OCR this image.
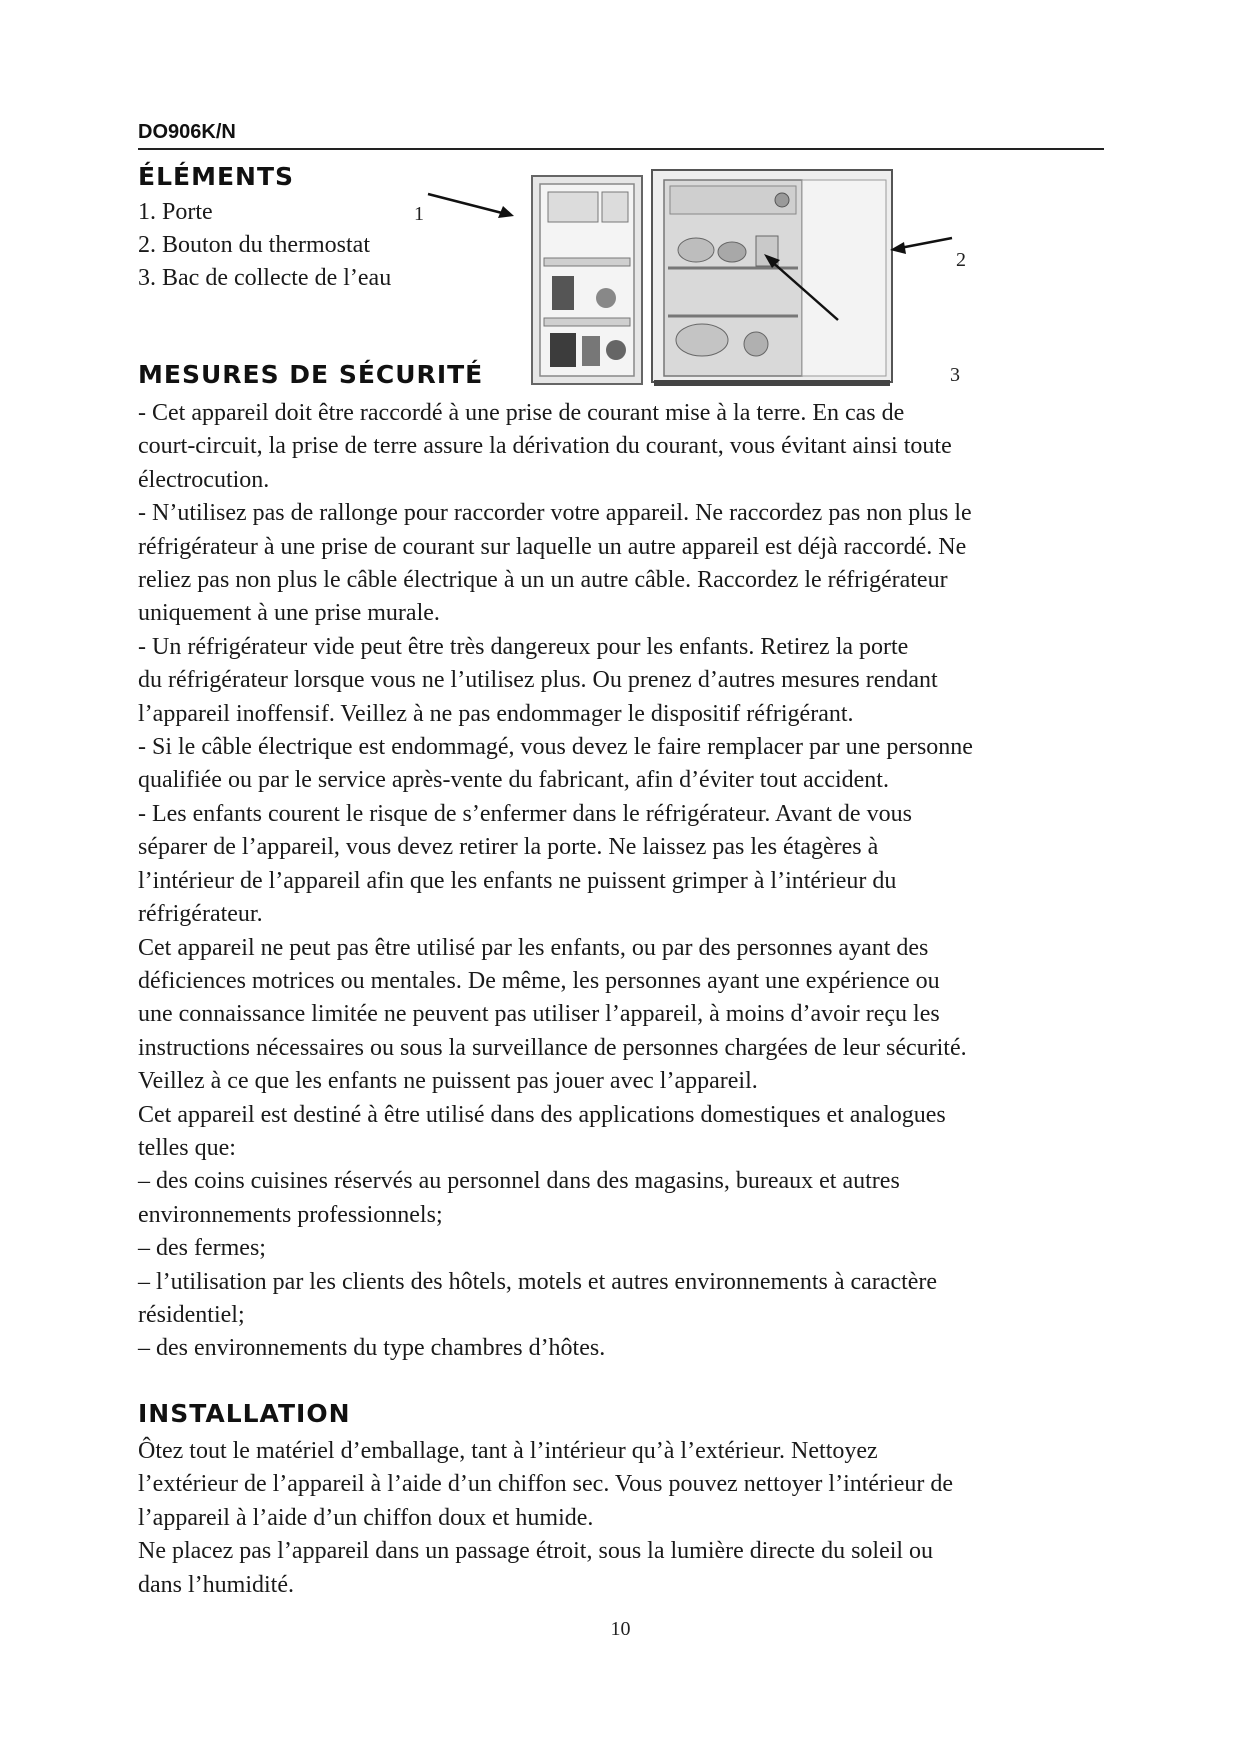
DO906K/N
ÉLÉMENTS
1. Porte
2. Bouton du thermostat
3. Bac de collecte de l’eau
1
2
3
MESURES DE SÉCURITÉ
- Cet appareil doit être raccordé à une prise de courant mise à la terre. En cas de
court-circuit, la prise de terre assure la dérivation du courant, vous évitant ainsi toute
électrocution.
- N’utilisez pas de rallonge pour raccorder votre appareil. Ne raccordez pas non plus le
réfrigérateur à une prise de courant sur laquelle un autre appareil est déjà raccordé. Ne
reliez pas non plus le câble électrique à un un autre câble. Raccordez le réfrigérateur
uniquement à une prise murale.
- Un réfrigérateur vide peut être très dangereux pour les enfants. Retirez la porte
du réfrigérateur lorsque vous ne l’utilisez plus. Ou prenez d’autres mesures rendant
l’appareil inoffensif. Veillez à ne pas endommager le dispositif réfrigérant.
- Si le câble électrique est endommagé, vous devez le faire remplacer par une personne
qualifiée ou par le service après-vente du fabricant, afin d’éviter tout accident.
- Les enfants courent le risque de s’enfermer dans le réfrigérateur. Avant de vous
séparer de l’appareil, vous devez retirer la porte. Ne laissez pas les étagères à
l’intérieur de l’appareil afin que les enfants ne puissent grimper à l’intérieur du
réfrigérateur.
Cet appareil ne peut pas être utilisé par les enfants, ou par des personnes ayant des
déficiences motrices ou mentales. De même, les personnes ayant une expérience ou
une connaissance limitée ne peuvent pas utiliser l’appareil, à moins d’avoir reçu les
instructions nécessaires ou sous la surveillance de personnes chargées de leur sécurité.
Veillez à ce que les enfants ne puissent pas jouer avec l’appareil.
Cet appareil est destiné à être utilisé dans des applications domestiques et analogues
telles que:
– des coins cuisines réservés au personnel dans des magasins, bureaux et autres
environnements professionnels;
– des fermes;
– l’utilisation par les clients des hôtels, motels et autres environnements à caractère
résidentiel;
– des environnements du type chambres d’hôtes.
INSTALLATION
Ôtez tout le matériel d’emballage, tant à l’intérieur qu’à l’extérieur. Nettoyez
l’extérieur de l’appareil à l’aide d’un chiffon sec. Vous pouvez nettoyer l’intérieur de
l’appareil à l’aide d’un chiffon doux et humide.
Ne placez pas l’appareil dans un passage étroit, sous la lumière directe du soleil ou
dans l’humidité.
10
